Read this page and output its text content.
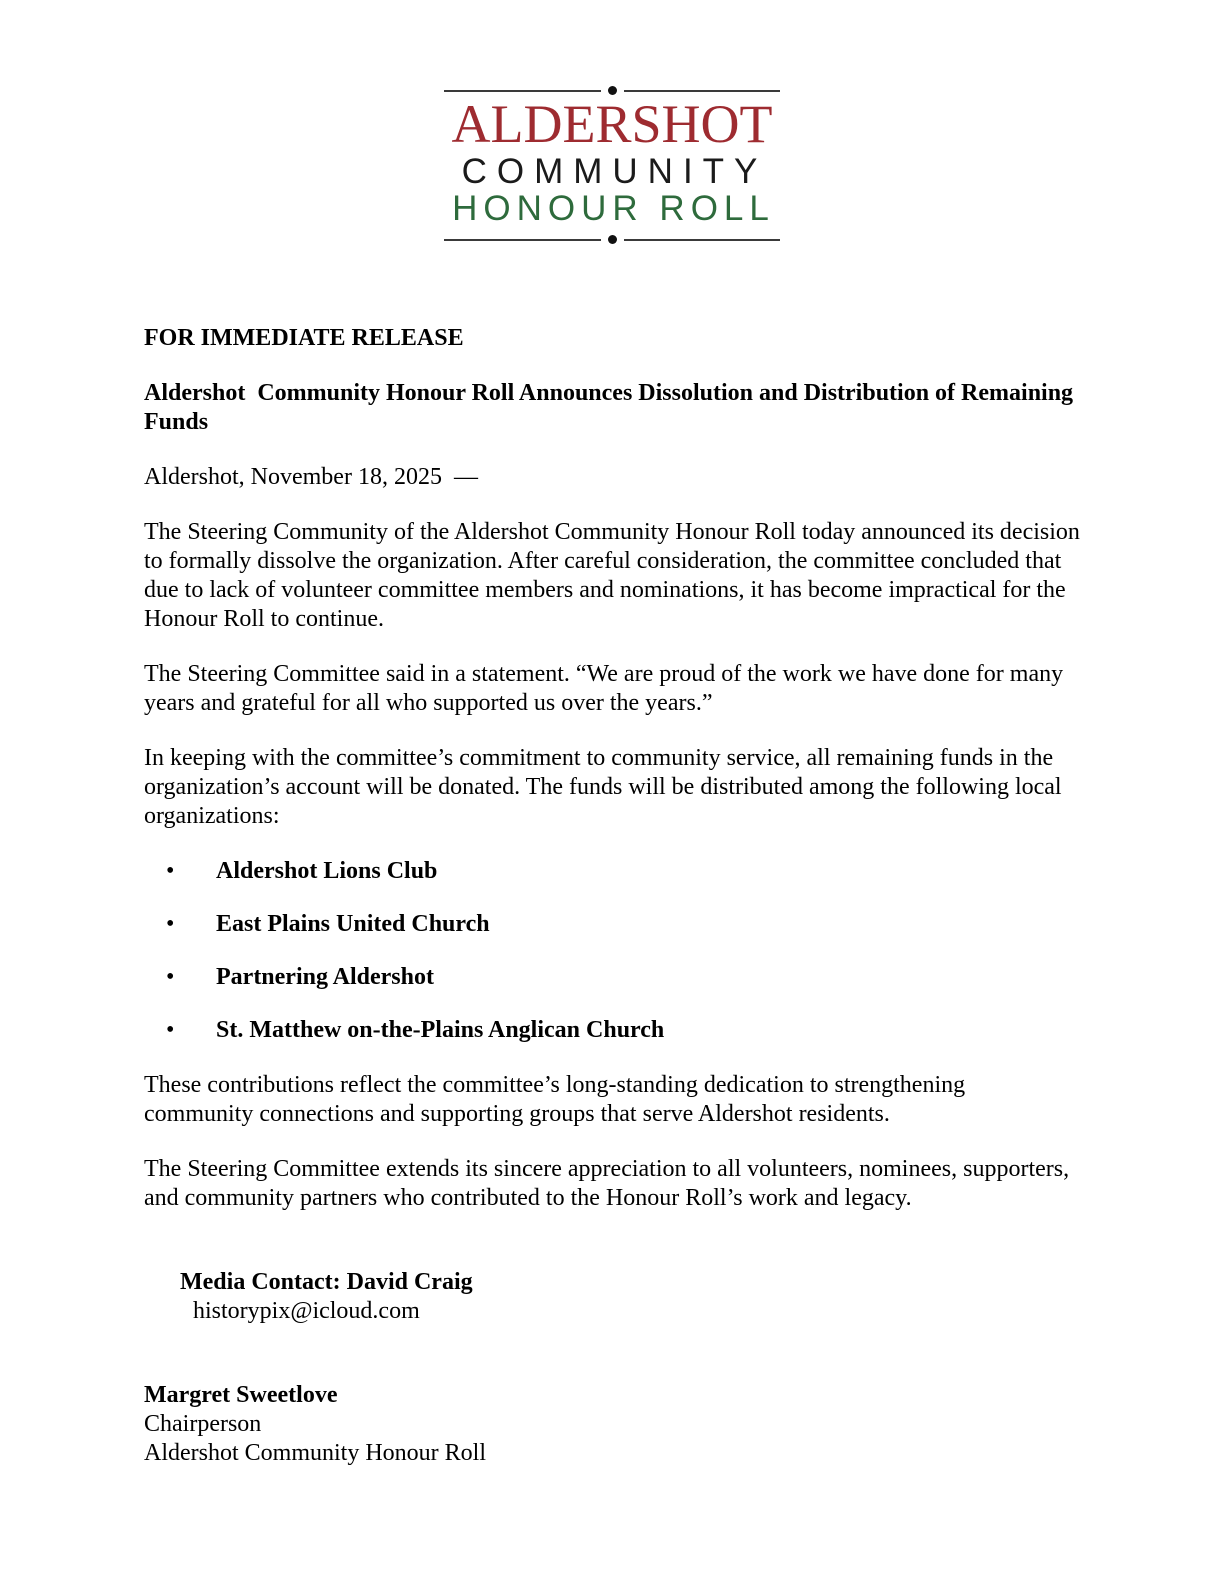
ALDERSHOT
COMMUNITY
HONOUR ROLL

FOR IMMEDIATE RELEASE

Aldershot  Community Honour Roll Announces Dissolution and Distribution of Remaining Funds

Aldershot, November 18, 2025  —

The Steering Community of the Aldershot Community Honour Roll today announced its decision to formally dissolve the organization. After careful consideration, the committee concluded that due to lack of volunteer committee members and nominations, it has become impractical for the Honour Roll to continue.

The Steering Committee said in a statement. “We are proud of the work we have done for many years and grateful for all who supported us over the years.”

In keeping with the committee’s commitment to community service, all remaining funds in the organization’s account will be donated. The funds will be distributed among the following local organizations:

• Aldershot Lions Club
• East Plains United Church
• Partnering Aldershot
• St. Matthew on-the-Plains Anglican Church

These contributions reflect the committee’s long-standing dedication to strengthening community connections and supporting groups that serve Aldershot residents.

The Steering Committee extends its sincere appreciation to all volunteers, nominees, supporters, and community partners who contributed to the Honour Roll’s work and legacy.

Media Contact: David Craig
historypix@icloud.com

Margret Sweetlove

Chairperson

Aldershot Community Honour Roll
